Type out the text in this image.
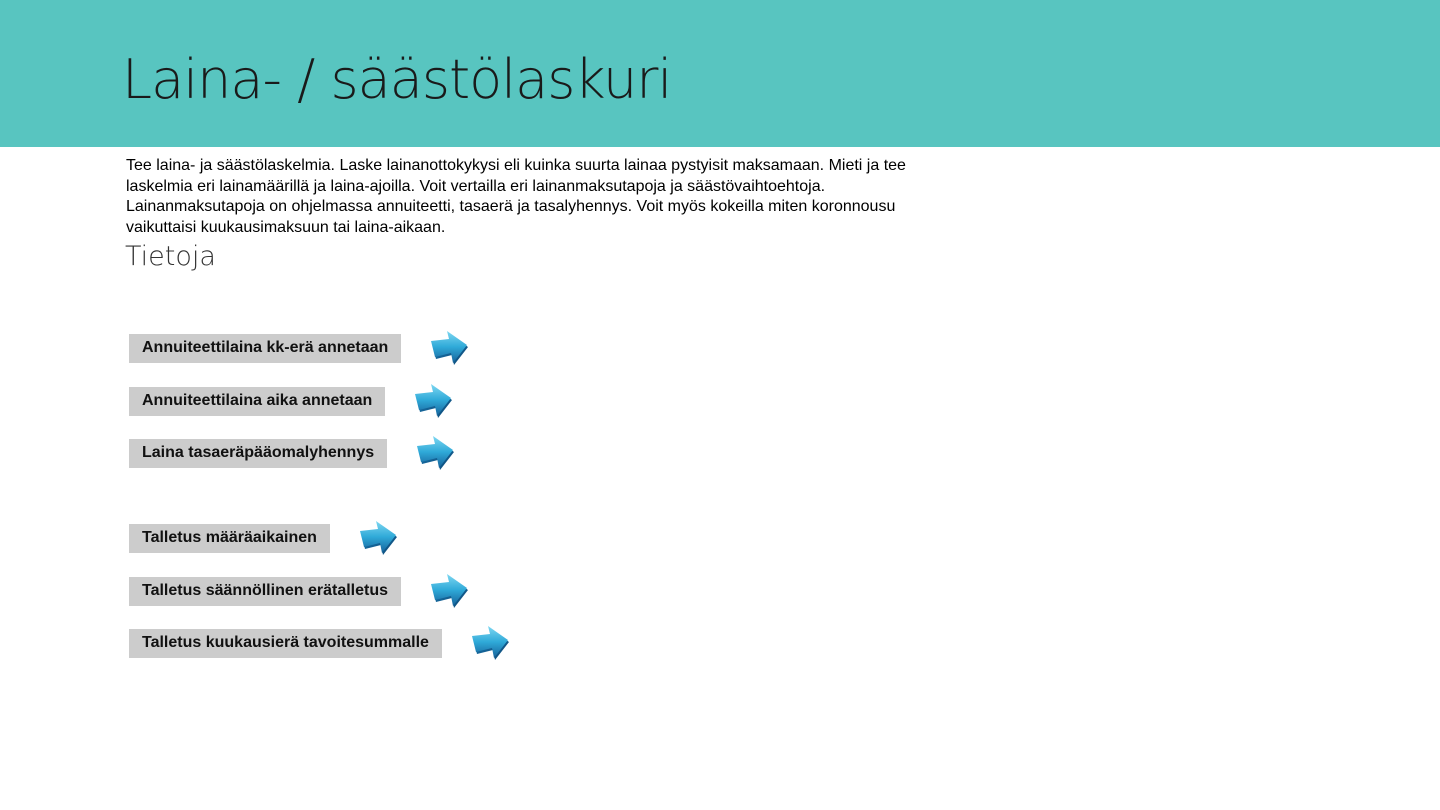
Laina- / säästölaskuri
Tee laina- ja säästölaskelmia. Laske lainanottokykysi eli kuinka suurta lainaa pystyisit maksamaan. Mieti ja tee laskelmia eri lainamäärillä ja laina-ajoilla. Voit vertailla eri lainanmaksutapoja ja säästövaihtoehtoja. Lainanmaksutapoja on ohjelmassa annuiteetti, tasaerä ja tasalyhennys. Voit myös kokeilla miten koronnousu vaikuttaisi kuukausimaksuun tai laina-aikaan.
Tietoja
Annuiteettilaina kk-erä annetaan
Annuiteettilaina aika annetaan
Laina tasaeräpääomalyhennys
Talletus määräaikainen
Talletus säännöllinen erätalletus
Talletus kuukausierä tavoitesummalle
